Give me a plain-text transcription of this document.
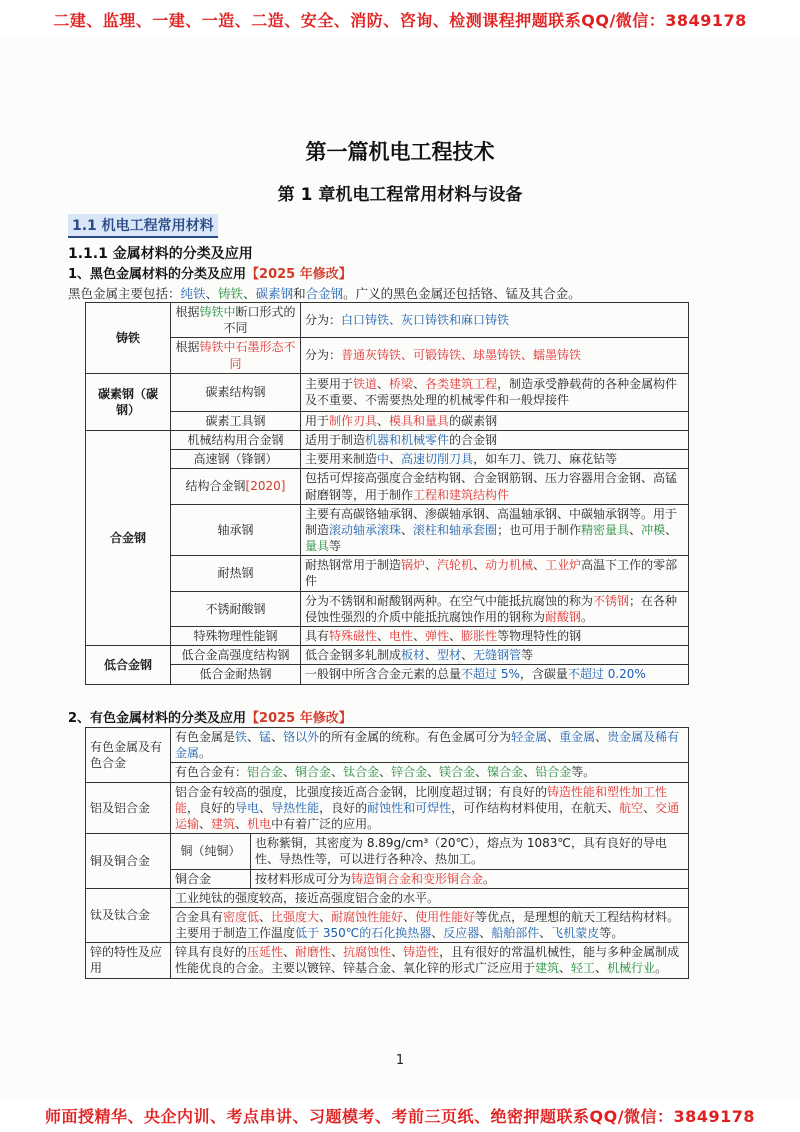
二建、监理、一建、一造、二造、安全、消防、咨询、检测课程押题联系QQ/微信：3849178
第一篇机电工程技术
第 1 章机电工程常用材料与设备
1.1 机电工程常用材料
1.1.1 金属材料的分类及应用
1、黑色金属材料的分类及应用【2025 年修改】
黑色金属主要包括：纯铁、铸铁、碳素钢和合金钢。广义的黑色金属还包括铬、锰及其合金。
铸铁	根据铸铁中断口形式的不同	分为：白口铸铁、灰口铸铁和麻口铸铁
	根据铸铁中石墨形态不同	分为：普通灰铸铁、可锻铸铁、球墨铸铁、蠕墨铸铁
碳素钢（碳钢）	碳素结构钢	主要用于铁道、桥梁、各类建筑工程，制造承受静载荷的各种金属构件及不重要、不需要热处理的机械零件和一般焊接件
	碳素工具钢	用于制作刃具、模具和量具的碳素钢
合金钢	机械结构用合金钢	适用于制造机器和机械零件的合金钢
	高速钢（锋钢）	主要用来制造中、高速切削刀具，如车刀、铣刀、麻花钻等
	结构合金钢[2020]	包括可焊接高强度合金结构钢、合金钢筋钢、压力容器用合金钢、高锰耐磨钢等，用于制作工程和建筑结构件
	轴承钢	主要有高碳铬轴承钢、渗碳轴承钢、高温轴承钢、中碳轴承钢等。用于制造滚动轴承滚珠、滚柱和轴承套圈；也可用于制作精密量具、冲模、量具等
	耐热钢	耐热钢常用于制造锅炉、汽轮机、动力机械、工业炉高温下工作的零部件
	不锈耐酸钢	分为不锈钢和耐酸钢两种。在空气中能抵抗腐蚀的称为不锈钢；在各种侵蚀性强烈的介质中能抵抗腐蚀作用的钢称为耐酸钢。
	特殊物理性能钢	具有特殊磁性、电性、弹性、膨胀性等物理特性的钢
低合金钢	低合金高强度结构钢	低合金钢多轧制成板材、型材、无缝钢管等
	低合金耐热钢	一般钢中所含合金元素的总量不超过 5%，含碳量不超过 0.20%
2、有色金属材料的分类及应用【2025 年修改】
有色金属及有色合金	有色金属是铁、锰、铬以外的所有金属的统称。有色金属可分为轻金属、重金属、贵金属及稀有金属。	
	有色合金有：铝合金、铜合金、钛合金、锌合金、镁合金、镍合金、铅合金等。	
铝及铝合金	铝合金有较高的强度，比强度接近高合金钢，比刚度超过钢；有良好的铸造性能和塑性加工性能，良好的导电、导热性能，良好的耐蚀性和可焊性，可作结构材料使用，在航天、航空、交通运输、建筑、机电中有着广泛的应用。	
铜及铜合金	铜（纯铜）	也称紫铜，其密度为 8.89g/cm³（20℃），熔点为 1083℃，具有良好的导电性、导热性等，可以进行各种冷、热加工。
	铜合金	按材料形成可分为铸造铜合金和变形铜合金。
钛及钛合金	工业纯钛的强度较高，接近高强度铝合金的水平。	
	合金具有密度低、比强度大、耐腐蚀性能好、使用性能好等优点，是理想的航天工程结构材料。主要用于制造工作温度低于 350℃的石化换热器、反应器、船舶部件、飞机蒙皮等。	
锌的特性及应用	锌具有良好的压延性、耐磨性、抗腐蚀性、铸造性，且有很好的常温机械性，能与多种金属制成性能优良的合金。主要以镀锌、锌基合金、氧化锌的形式广泛应用于建筑、轻工、机械行业。	
1
师面授精华、央企内训、考点串讲、习题模考、考前三页纸、绝密押题联系QQ/微信：3849178
